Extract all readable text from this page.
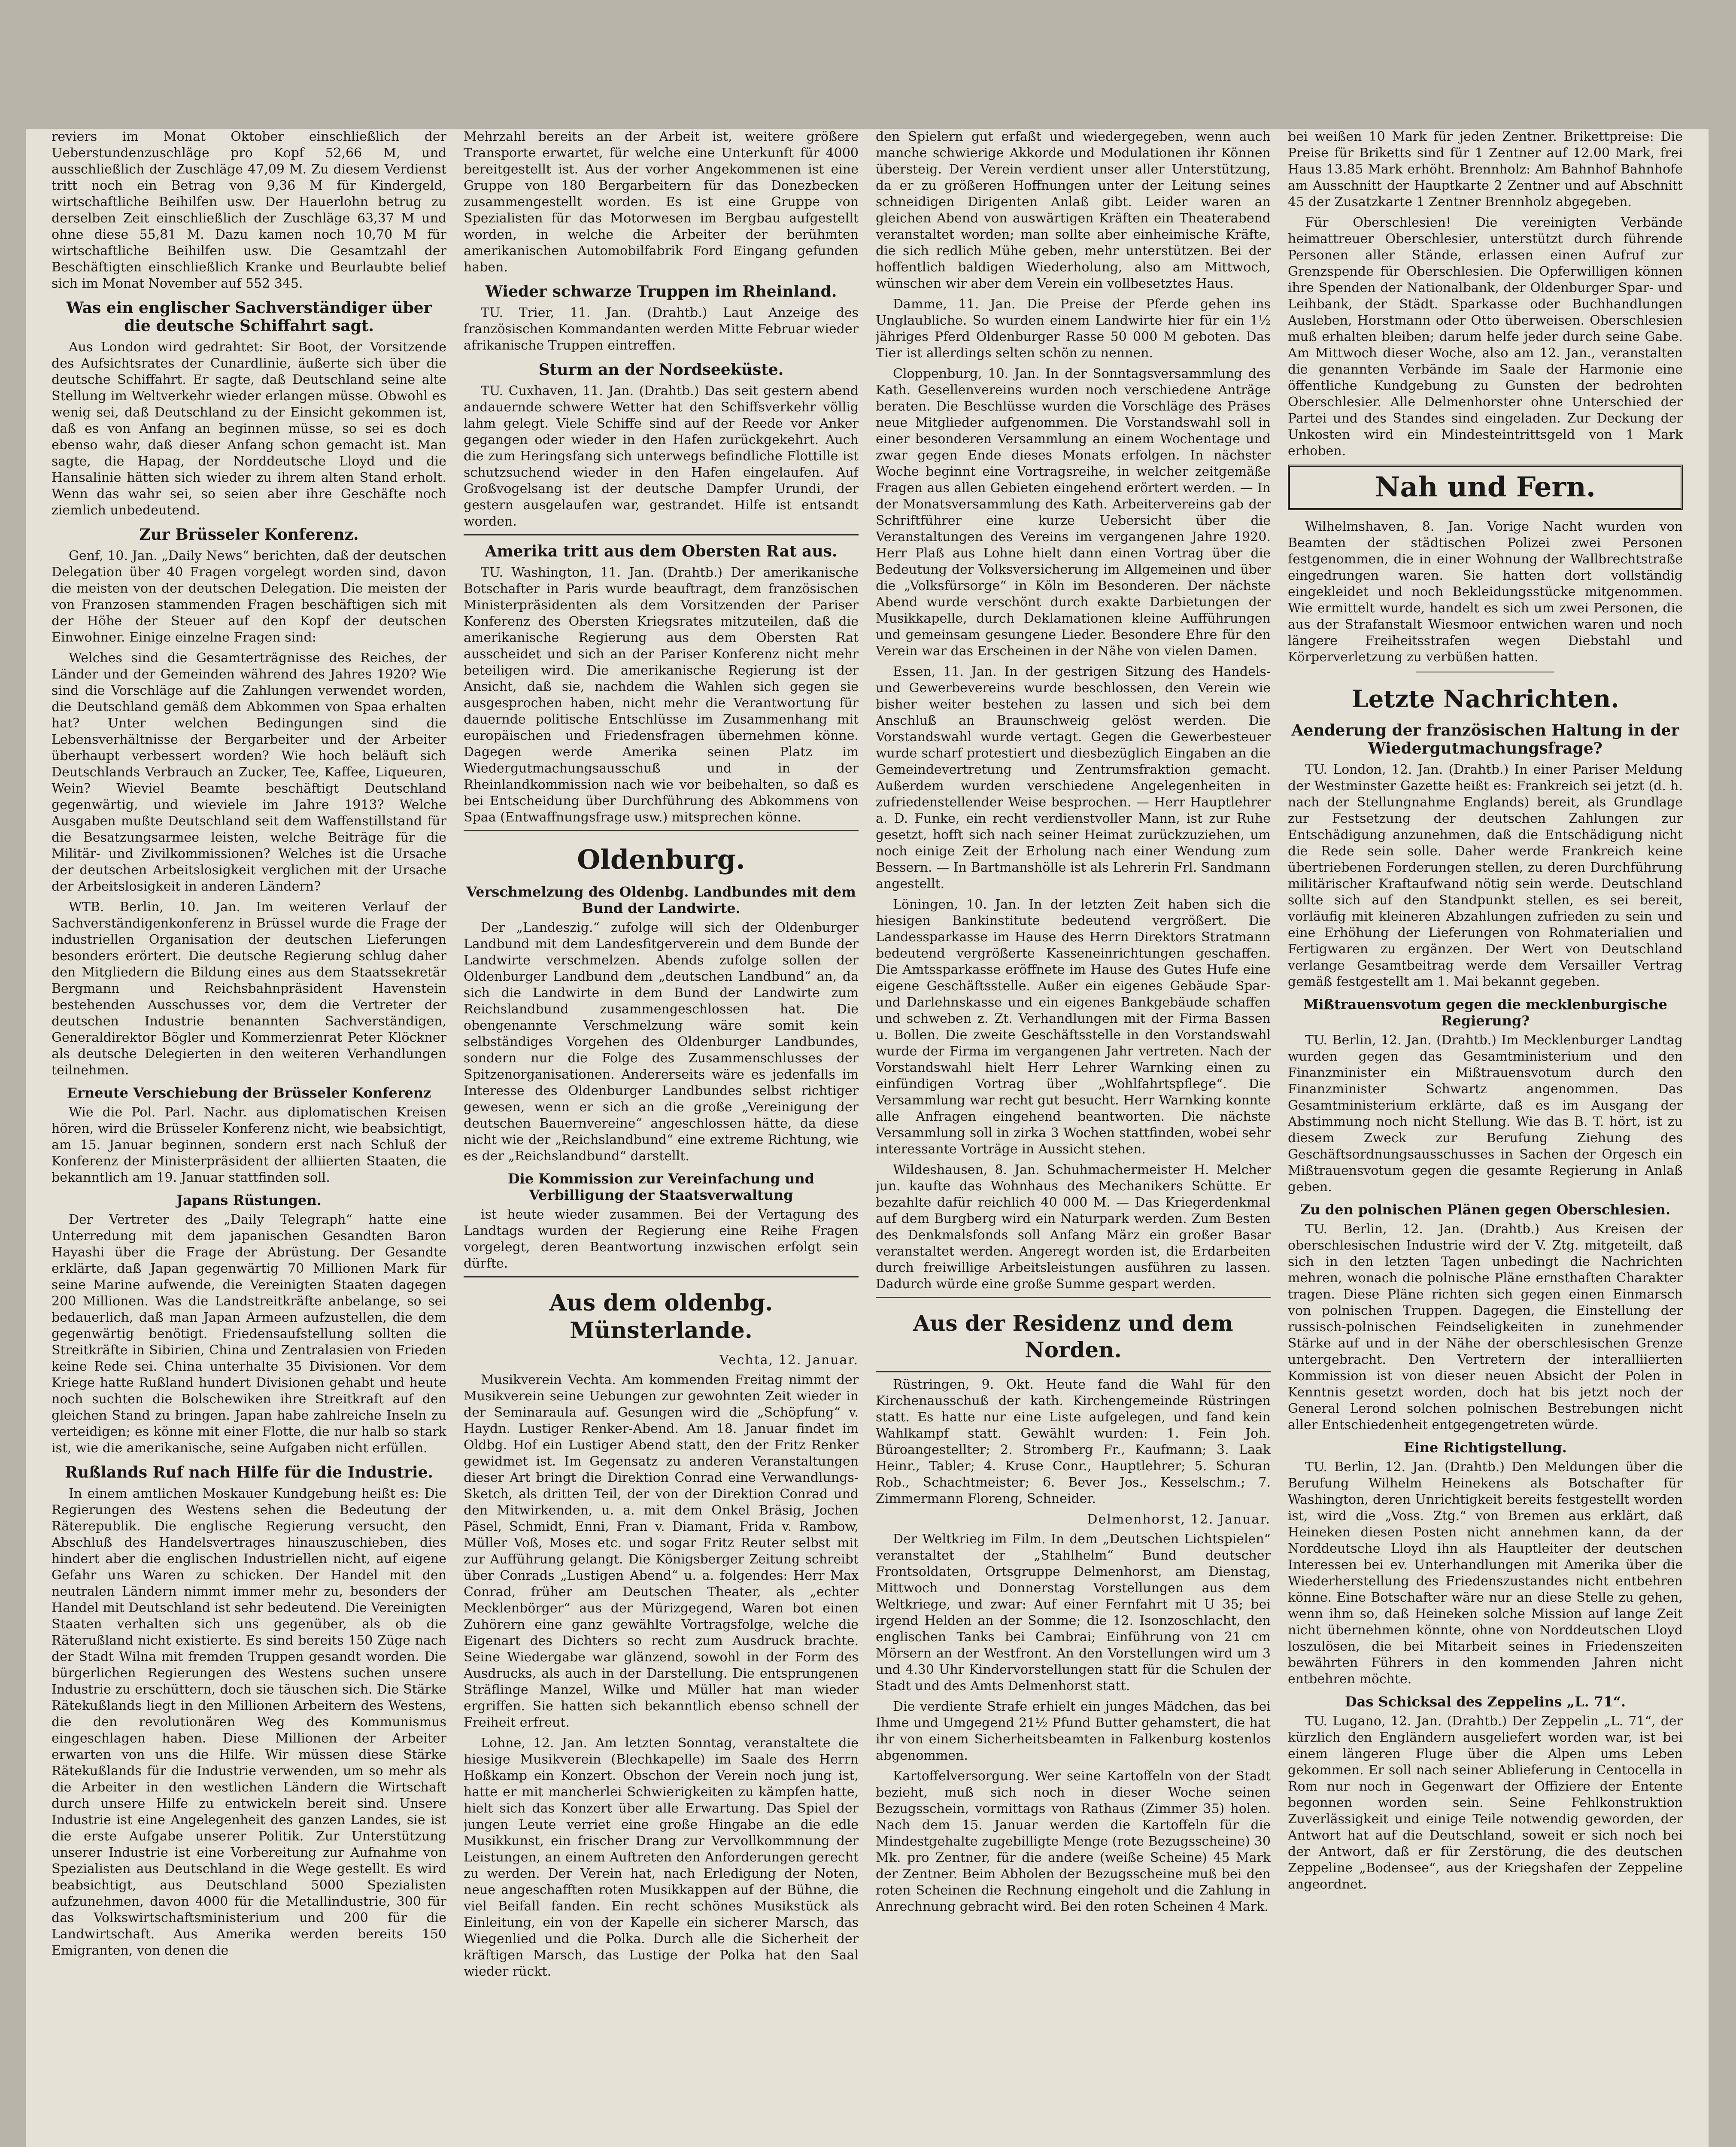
reviers im Monat Oktober einschließlich der Ueberstundenzuschläge pro Kopf 52,66 M, und ausschließlich der Zuschläge 47,09 M. Zu diesem Verdienst tritt noch ein Betrag von 9,36 M für Kindergeld, wirtschaftliche Beihilfen usw. Der Hauerlohn betrug zu derselben Zeit einschließlich der Zuschläge 63,37 M und ohne diese 55,81 M. Dazu kamen noch 10,70 M für wirtschaftliche Beihilfen usw. Die Gesamtzahl der Beschäftigten einschließlich Kranke und Beurlaubte belief sich im Monat November auf 552 345.

Was ein englischer Sachverständiger über die deutsche Schiffahrt sagt.

Aus London wird gedrahtet: Sir Boot, der Vorsitzende des Aufsichtsrates der Cunardlinie, äußerte sich über die deutsche Schiffahrt. Er sagte, daß Deutschland seine alte Stellung im Weltverkehr wieder erlangen müsse. Obwohl es wenig sei, daß Deutschland zu der Einsicht gekommen ist, daß es von Anfang an beginnen müsse, so sei es doch ebenso wahr, daß dieser Anfang schon gemacht ist. Man sagte, die Hapag, der Norddeutsche Lloyd und die Hansalinie hätten sich wieder zu ihrem alten Stand erholt. Wenn das wahr sei, so seien aber ihre Geschäfte noch ziemlich unbedeutend.

Zur Brüsseler Konferenz.

Genf, 10. Jan. „Daily News“ berichten, daß der deutschen Delegation über 40 Fragen vorgelegt worden sind, davon die meisten von der deutschen Delegation. Die meisten der von Franzosen stammenden Fragen beschäftigen sich mit der Höhe der Steuer auf den Kopf der deutschen Einwohner. Einige einzelne Fragen sind:

Welches sind die Gesamterträgnisse des Reiches, der Länder und der Gemeinden während des Jahres 1920? Wie sind die Vorschläge auf die Zahlungen verwendet worden, die Deutschland gemäß dem Abkommen von Spaa erhalten hat? Unter welchen Bedingungen sind die Lebensverhältnisse der Bergarbeiter und der Arbeiter überhaupt verbessert worden? Wie hoch beläuft sich Deutschlands Verbrauch an Zucker, Tee, Kaffee, Liqueuren, Wein? Wieviel Beamte beschäftigt Deutschland gegenwärtig, und wieviele im Jahre 1913? Welche Ausgaben mußte Deutschland seit dem Waffenstillstand für die Besatzungsarmee leisten, welche Beiträge für die Militär- und Zivilkommissionen? Welches ist die Ursache der deutschen Arbeitslosigkeit verglichen mit der Ursache der Arbeitslosigkeit in anderen Ländern?

WTB. Berlin, 10. Jan. Im weiteren Verlauf der Sachverständigenkonferenz in Brüssel wurde die Frage der industriellen Organisation der deutschen Lieferungen besonders erörtert. Die deutsche Regierung schlug daher den Mitgliedern die Bildung eines aus dem Staatssekretär Bergmann und Reichsbahnpräsident Havenstein bestehenden Ausschusses vor, dem die Vertreter der deutschen Industrie benannten Sachverständigen, Generaldirektor Bögler und Kommerzienrat Peter Klöckner als deutsche Delegierten in den weiteren Verhandlungen teilnehmen.

Erneute Verschiebung der Brüsseler Konferenz

Wie die Pol. Parl. Nachr. aus diplomatischen Kreisen hören, wird die Brüsseler Konferenz nicht, wie beabsichtigt, am 15. Januar beginnen, sondern erst nach Schluß der Konferenz der Ministerpräsident der alliierten Staaten, die bekanntlich am 19. Januar stattfinden soll.

Japans Rüstungen.

Der Vertreter des „Daily Telegraph“ hatte eine Unterredung mit dem japanischen Gesandten Baron Hayashi über die Frage der Abrüstung. Der Gesandte erklärte, daß Japan gegenwärtig 70 Millionen Mark für seine Marine aufwende, die Vereinigten Staaten dagegen 200 Millionen. Was die Landstreitkräfte anbelange, so sei bedauerlich, daß man Japan Armeen aufzustellen, die dem gegenwärtig benötigt. Friedensaufstellung sollten die Streitkräfte in Sibirien, China und Zentralasien von Frieden keine Rede sei. China unterhalte 35 Divisionen. Vor dem Kriege hatte Rußland hundert Divisionen gehabt und heute noch suchten die Bolschewiken ihre Streitkraft auf den gleichen Stand zu bringen. Japan habe zahlreiche Inseln zu verteidigen; es könne mit einer Flotte, die nur halb so stark ist, wie die amerikanische, seine Aufgaben nicht erfüllen.

Rußlands Ruf nach Hilfe für die Industrie.

In einem amtlichen Moskauer Kundgebung heißt es: Die Regierungen des Westens sehen die Bedeutung der Räterepublik. Die englische Regierung versucht, den Abschluß des Handelsvertrages hinauszuschieben, dies hindert aber die englischen Industriellen nicht, auf eigene Gefahr uns Waren zu schicken. Der Handel mit den neutralen Ländern nimmt immer mehr zu, besonders der Handel mit Deutschland ist sehr bedeutend. Die Vereinigten Staaten verhalten sich uns gegenüber, als ob die Räterußland nicht existierte. Es sind bereits 150 Züge nach der Stadt Wilna mit fremden Truppen gesandt worden. Die bürgerlichen Regierungen des Westens suchen unsere Industrie zu erschüttern, doch sie täuschen sich. Die Stärke Rätekußlands liegt in den Millionen Arbeitern des Westens, die den revolutionären Weg des Kommunismus eingeschlagen haben. Diese Millionen der Arbeiter erwarten von uns die Hilfe. Wir müssen diese Stärke Rätekußlands für die Industrie verwenden, um so mehr als die Arbeiter in den westlichen Ländern die Wirtschaft durch unsere Hilfe zu entwickeln bereit sind. Unsere Industrie ist eine Angelegenheit des ganzen Landes, sie ist die erste Aufgabe unserer Politik. Zur Unterstützung unserer Industrie ist eine Vorbereitung zur Aufnahme von Spezialisten aus Deutschland in die Wege gestellt. Es wird beabsichtigt, aus Deutschland 5000 Spezialisten aufzunehmen, davon 4000 für die Metallindustrie, 300 für das Volkswirtschaftsministerium und 200 für die Landwirtschaft. Aus Amerika werden bereits 150 Emigranten, von denen die

Mehrzahl bereits an der Arbeit ist, weitere größere Transporte erwartet, für welche eine Unterkunft für 4000 bereitgestellt ist. Aus der vorher Angekommenen ist eine Gruppe von 180 Bergarbeitern für das Donezbecken zusammengestellt worden. Es ist eine Gruppe von Spezialisten für das Motorwesen im Bergbau aufgestellt worden, in welche die Arbeiter der berühmten amerikanischen Automobilfabrik Ford Eingang gefunden haben.

Wieder schwarze Truppen im Rheinland.

TU. Trier, 11. Jan. (Drahtb.) Laut Anzeige des französischen Kommandanten werden Mitte Februar wieder afrikanische Truppen eintreffen.

Sturm an der Nordseeküste.

TU. Cuxhaven, 11. Jan. (Drahtb.) Das seit gestern abend andauernde schwere Wetter hat den Schiffsverkehr völlig lahm gelegt. Viele Schiffe sind auf der Reede vor Anker gegangen oder wieder in den Hafen zurückgekehrt. Auch die zum Heringsfang sich unterwegs befindliche Flottille ist schutzsuchend wieder in den Hafen eingelaufen. Auf Großvogelsang ist der deutsche Dampfer Urundi, der gestern ausgelaufen war, gestrandet. Hilfe ist entsandt worden.

Amerika tritt aus dem Obersten Rat aus.

TU. Washington, 11. Jan. (Drahtb.) Der amerikanische Botschafter in Paris wurde beauftragt, dem französischen Ministerpräsidenten als dem Vorsitzenden der Pariser Konferenz des Obersten Kriegsrates mitzuteilen, daß die amerikanische Regierung aus dem Obersten Rat ausscheidet und sich an der Pariser Konferenz nicht mehr beteiligen wird. Die amerikanische Regierung ist der Ansicht, daß sie, nachdem die Wahlen sich gegen sie ausgesprochen haben, nicht mehr die Verantwortung für dauernde politische Entschlüsse im Zusammenhang mit europäischen und Friedensfragen übernehmen könne. Dagegen werde Amerika seinen Platz im Wiedergutmachungsausschuß und in der Rheinlandkommission nach wie vor beibehalten, so daß es bei Entscheidung über Durchführung des Abkommens von Spaa (Entwaffnungsfrage usw.) mitsprechen könne.

Oldenburg.
Verschmelzung des Oldenbg. Landbundes mit dem Bund der Landwirte.

Der „Landeszig.“ zufolge will sich der Oldenburger Landbund mit dem Landesfitgerverein und dem Bunde der Landwirte verschmelzen. Abends zufolge sollen der Oldenburger Landbund dem „deutschen Landbund“ an, da sich die Landwirte in dem Bund der Landwirte zum Reichslandbund zusammengeschlossen hat. Die obengenannte Verschmelzung wäre somit kein selbständiges Vorgehen des Oldenburger Landbundes, sondern nur die Folge des Zusammenschlusses der Spitzenorganisationen. Andererseits wäre es jedenfalls im Interesse des Oldenburger Landbundes selbst richtiger gewesen, wenn er sich an die große „Vereinigung der deutschen Bauernvereine“ angeschlossen hätte, da diese nicht wie der „Reichslandbund“ eine extreme Richtung, wie es der „Reichslandbund“ darstellt.

Die Kommission zur Vereinfachung und Verbilligung der Staatsverwaltung

ist heute wieder zusammen. Bei der Vertagung des Landtags wurden der Regierung eine Reihe Fragen vorgelegt, deren Beantwortung inzwischen erfolgt sein dürfte.

Aus dem oldenbg. Münsterlande.
Vechta, 12. Januar.

Musikverein Vechta. Am kommenden Freitag nimmt der Musikverein seine Uebungen zur gewohnten Zeit wieder in der Seminaraula auf. Gesungen wird die „Schöpfung“ v. Haydn. Lustiger Renker-Abend. Am 18. Januar findet im Oldbg. Hof ein Lustiger Abend statt, den der Fritz Renker gewidmet ist. Im Gegensatz zu anderen Veranstaltungen dieser Art bringt die Direktion Conrad eine Verwandlungs-Sketch, als dritten Teil, der von der Direktion Conrad und den Mitwirkenden, u. a. mit dem Onkel Bräsig, Jochen Päsel, Schmidt, Enni, Fran v. Diamant, Frida v. Rambow, Müller Voß, Moses etc. und sogar Fritz Reuter selbst mit zur Aufführung gelangt. Die Königsberger Zeitung schreibt über Conrads „Lustigen Abend“ u. a. folgendes: Herr Max Conrad, früher am Deutschen Theater, als „echter Mecklenbörger“ aus der Mürizgegend, Waren bot einen Zuhörern eine ganz gewählte Vortragsfolge, welche die Eigenart des Dichters so recht zum Ausdruck brachte. Seine Wiedergabe war glänzend, sowohl in der Form des Ausdrucks, als auch in der Darstellung. Die entsprungenen Sträflinge Manzel, Wilke und Müller hat man wieder ergriffen. Sie hatten sich bekanntlich ebenso schnell der Freiheit erfreut.

Lohne, 12. Jan. Am letzten Sonntag, veranstaltete die hiesige Musikverein (Blechkapelle) im Saale des Herrn Hoßkamp ein Konzert. Obschon der Verein noch jung ist, hatte er mit mancherlei Schwierigkeiten zu kämpfen hatte, hielt sich das Konzert über alle Erwartung. Das Spiel der jungen Leute verriet eine große Hingabe an die edle Musikkunst, ein frischer Drang zur Vervollkommnung der Leistungen, an einem Auftreten den Anforderungen gerecht zu werden. Der Verein hat, nach Erledigung der Noten, neue angeschafften roten Musikkappen auf der Bühne, die viel Beifall fanden. Ein recht schönes Musikstück als Einleitung, ein von der Kapelle ein sicherer Marsch, das Wiegenlied und die Polka. Durch alle die Sicherheit der kräftigen Marsch, das Lustige der Polka hat den Saal wieder rückt.

den Spielern gut erfaßt und wiedergegeben, wenn auch manche schwierige Akkorde und Modulationen ihr Können übersteig. Der Verein verdient unser aller Unterstützung, da er zu größeren Hoffnungen unter der Leitung seines schneidigen Dirigenten Anlaß gibt. Leider waren an gleichen Abend von auswärtigen Kräften ein Theaterabend veranstaltet worden; man sollte aber einheimische Kräfte, die sich redlich Mühe geben, mehr unterstützen. Bei der hoffentlich baldigen Wiederholung, also am Mittwoch, wünschen wir aber dem Verein ein vollbesetztes Haus.

Damme, 11. Jan. Die Preise der Pferde gehen ins Unglaubliche. So wurden einem Landwirte hier für ein 1½ jähriges Pferd Oldenburger Rasse 50 000 M geboten. Das Tier ist allerdings selten schön zu nennen.

Cloppenburg, 10. Jan. In der Sonntagsversammlung des Kath. Gesellenvereins wurden noch verschiedene Anträge beraten. Die Beschlüsse wurden die Vorschläge des Präses neue Mitglieder aufgenommen. Die Vorstandswahl soll in einer besonderen Versammlung an einem Wochentage und zwar gegen Ende dieses Monats erfolgen. In nächster Woche beginnt eine Vortragsreihe, in welcher zeitgemäße Fragen aus allen Gebieten eingehend erörtert werden. — In der Monatsversammlung des Kath. Arbeitervereins gab der Schriftführer eine kurze Uebersicht über die Veranstaltungen des Vereins im vergangenen Jahre 1920. Herr Plaß aus Lohne hielt dann einen Vortrag über die Bedeutung der Volksversicherung im Allgemeinen und über die „Volksfürsorge“ in Köln im Besonderen. Der nächste Abend wurde verschönt durch exakte Darbietungen der Musikkapelle, durch Deklamationen kleine Aufführungen und gemeinsam gesungene Lieder. Besondere Ehre für den Verein war das Erscheinen in der Nähe von vielen Damen.

Essen, 11. Jan. In der gestrigen Sitzung des Handels- und Gewerbevereins wurde beschlossen, den Verein wie bisher weiter bestehen zu lassen und sich bei dem Anschluß an Braunschweig gelöst werden. Die Vorstandswahl wurde vertagt. Gegen die Gewerbesteuer wurde scharf protestiert und diesbezüglich Eingaben an die Gemeindevertretung und Zentrumsfraktion gemacht. Außerdem wurden verschiedene Angelegenheiten in zufriedenstellender Weise besprochen. — Herr Hauptlehrer a. D. Funke, ein recht verdienstvoller Mann, ist zur Ruhe gesetzt, hofft sich nach seiner Heimat zurückzuziehen, um noch einige Zeit der Erholung nach einer Wendung zum Bessern. — In Bartmanshölle ist als Lehrerin Frl. Sandmann angestellt.

Löningen, 10. Jan. In der letzten Zeit haben sich die hiesigen Bankinstitute bedeutend vergrößert. Die Landessparkasse im Hause des Herrn Direktors Stratmann bedeutend vergrößerte Kasseneinrichtungen geschaffen. Die Amtssparkasse eröffnete im Hause des Gutes Hufe eine eigene Geschäftsstelle. Außer ein eigenes Gebäude Spar- und Darlehnskasse und ein eigenes Bankgebäude schaffen und schweben z. Zt. Verhandlungen mit der Firma Bassen u. Bollen. Die zweite Geschäftsstelle in den Vorstandswahl wurde der Firma im vergangenen Jahr vertreten. Nach der Vorstandswahl hielt Herr Lehrer Warnking einen zu einfündigen Vortrag über „Wohlfahrtspflege“. Die Versammlung war recht gut besucht. Herr Warnking konnte alle Anfragen eingehend beantworten. Die nächste Versammlung soll in zirka 3 Wochen stattfinden, wobei sehr interessante Vorträge in Aussicht stehen.

Wildeshausen, 8. Jan. Schuhmachermeister H. Melcher jun. kaufte das Wohnhaus des Mechanikers Schütte. Er bezahlte dafür reichlich 40 000 M. — Das Kriegerdenkmal auf dem Burgberg wird ein Naturpark werden. Zum Besten des Denkmalsfonds soll Anfang März ein großer Basar veranstaltet werden. Angeregt worden ist, die Erdarbeiten durch freiwillige Arbeitsleistungen ausführen zu lassen. Dadurch würde eine große Summe gespart werden.

Aus der Residenz und dem Norden.

Rüstringen, 9. Okt. Heute fand die Wahl für den Kirchenausschuß der kath. Kirchengemeinde Rüstringen statt. Es hatte nur eine Liste aufgelegen, und fand kein Wahlkampf statt. Gewählt wurden: 1. Fein Joh. Büroangestellter; 2. Stromberg Fr., Kaufmann; 3. Laak Heinr., Tabler; 4. Kruse Conr., Hauptlehrer; 5. Schuran Rob., Schachtmeister; 6. Bever Jos., Kesselschm.; 7. Zimmermann Floreng, Schneider.

Delmenhorst, 12. Januar.

Der Weltkrieg im Film. In dem „Deutschen Lichtspielen“ veranstaltet der „Stahlhelm“ Bund deutscher Frontsoldaten, Ortsgruppe Delmenhorst, am Dienstag, Mittwoch und Donnerstag Vorstellungen aus dem Weltkriege, und zwar: Auf einer Fernfahrt mit U 35; bei irgend Helden an der Somme; die 12. Isonzoschlacht, den englischen Tanks bei Cambrai; Einführung von 21 cm Mörsern an der Westfront. An den Vorstellungen wird um 3 und 4.30 Uhr Kindervorstellungen statt für die Schulen der Stadt und des Amts Delmenhorst statt.

Die verdiente Strafe erhielt ein junges Mädchen, das bei Ihme und Umgegend 21½ Pfund Butter gehamstert, die hat ihr von einem Sicherheitsbeamten in Falkenburg kostenlos abgenommen.

Kartoffelversorgung. Wer seine Kartoffeln von der Stadt bezieht, muß sich noch in dieser Woche seinen Bezugsschein, vormittags von Rathaus (Zimmer 35) holen. Nach dem 15. Januar werden die Kartoffeln für die Mindestgehalte zugebilligte Menge (rote Bezugsscheine) 30 Mk. pro Zentner, für die andere (weiße Scheine) 45 Mark der Zentner. Beim Abholen der Bezugsscheine muß bei den roten Scheinen die Rechnung eingeholt und die Zahlung in Anrechnung gebracht wird. Bei den roten Scheinen 4 Mark.

bei weißen 10 Mark für jeden Zentner. Brikettpreise: Die Preise für Briketts sind für 1 Zentner auf 12.00 Mark, frei Haus 13.85 Mark erhöht. Brennholz: Am Bahnhof Bahnhofe am Ausschnitt der Hauptkarte 2 Zentner und auf Abschnitt 45 der Zusatzkarte 1 Zentner Brennholz abgegeben.

Für Oberschlesien! Die vereinigten Verbände heimattreuer Oberschlesier, unterstützt durch führende Personen aller Stände, erlassen einen Aufruf zur Grenzspende für Oberschlesien. Die Opferwilligen können ihre Spenden der Nationalbank, der Oldenburger Spar- und Leihbank, der Städt. Sparkasse oder Buchhandlungen Ausleben, Horstmann oder Otto überweisen. Oberschlesien muß erhalten bleiben; darum helfe jeder durch seine Gabe. Am Mittwoch dieser Woche, also am 12. Jan., veranstalten die genannten Verbände im Saale der Harmonie eine öffentliche Kundgebung zu Gunsten der bedrohten Oberschlesier. Alle Delmenhorster ohne Unterschied der Partei und des Standes sind eingeladen. Zur Deckung der Unkosten wird ein Mindesteintrittsgeld von 1 Mark erhoben.

Nah und Fern.

Wilhelmshaven, 8. Jan. Vorige Nacht wurden von Beamten der städtischen Polizei zwei Personen festgenommen, die in einer Wohnung der Wallbrechtstraße eingedrungen waren. Sie hatten dort vollständig eingekleidet und noch Bekleidungsstücke mitgenommen. Wie ermittelt wurde, handelt es sich um zwei Personen, die aus der Strafanstalt Wiesmoor entwichen waren und noch längere Freiheitsstrafen wegen Diebstahl und Körperverletzung zu verbüßen hatten.

Letzte Nachrichten.
Aenderung der französischen Haltung in der Wiedergutmachungsfrage?

TU. London, 12. Jan. (Drahtb.) In einer Pariser Meldung der Westminster Gazette heißt es: Frankreich sei jetzt (d. h. nach der Stellungnahme Englands) bereit, als Grundlage zur Festsetzung der deutschen Zahlungen zur Entschädigung anzunehmen, daß die Entschädigung nicht die Rede sein solle. Daher werde Frankreich keine übertriebenen Forderungen stellen, zu deren Durchführung militärischer Kraftaufwand nötig sein werde. Deutschland sollte sich auf den Standpunkt stellen, es sei bereit, vorläufig mit kleineren Abzahlungen zufrieden zu sein und eine Erhöhung der Lieferungen von Rohmaterialien und Fertigwaren zu ergänzen. Der Wert von Deutschland verlange Gesamtbeitrag werde dem Versailler Vertrag gemäß festgestellt am 1. Mai bekannt gegeben.

Mißtrauensvotum gegen die mecklenburgische Regierung?

TU. Berlin, 12. Jan. (Drahtb.) Im Mecklenburger Landtag wurden gegen das Gesamtministerium und den Finanzminister ein Mißtrauensvotum durch den Finanzminister Schwartz angenommen. Das Gesamtministerium erklärte, daß es im Ausgang der Abstimmung noch nicht Stellung. Wie das B. T. hört, ist zu diesem Zweck zur Berufung Ziehung des Geschäftsordnungsausschusses in Sachen der Orgesch ein Mißtrauensvotum gegen die gesamte Regierung in Anlaß geben.

Zu den polnischen Plänen gegen Oberschlesien.

TU. Berlin, 12. Jan. (Drahtb.) Aus Kreisen der oberschlesischen Industrie wird der V. Ztg. mitgeteilt, daß sich in den letzten Tagen unbedingt die Nachrichten mehren, wonach die polnische Pläne ernsthaften Charakter tragen. Diese Pläne richten sich gegen einen Einmarsch von polnischen Truppen. Dagegen, die Einstellung der russisch-polnischen Feindseligkeiten in zunehmender Stärke auf und in der Nähe der oberschlesischen Grenze untergebracht. Den Vertretern der interalliierten Kommission ist von dieser neuen Absicht der Polen in Kenntnis gesetzt worden, doch hat bis jetzt noch der General Lerond solchen polnischen Bestrebungen nicht aller Entschiedenheit entgegengetreten würde.

Eine Richtigstellung.

TU. Berlin, 12. Jan. (Drahtb.) Den Meldungen über die Berufung Wilhelm Heinekens als Botschafter für Washington, deren Unrichtigkeit bereits festgestellt worden ist, wird die „Voss. Ztg.“ von Bremen aus erklärt, daß Heineken diesen Posten nicht annehmen kann, da der Norddeutsche Lloyd ihn als Hauptleiter der deutschen Interessen bei ev. Unterhandlungen mit Amerika über die Wiederherstellung des Friedenszustandes nicht entbehren könne. Eine Botschafter wäre nur an diese Stelle zu gehen, wenn ihm so, daß Heineken solche Mission auf lange Zeit nicht übernehmen könnte, ohne von Norddeutschen Lloyd loszulösen, die bei Mitarbeit seines in Friedenszeiten bewährten Führers in den kommenden Jahren nicht entbehren möchte.

Das Schicksal des Zeppelins „L. 71“.

TU. Lugano, 12. Jan. (Drahtb.) Der Zeppelin „L. 71“, der kürzlich den Engländern ausgeliefert worden war, ist bei einem längeren Fluge über die Alpen ums Leben gekommen. Er soll nach seiner Ablieferung in Centocella in Rom nur noch in Gegenwart der Offiziere der Entente begonnen worden sein. Seine Fehlkonstruktion Zuverlässigkeit und einige Teile notwendig geworden, der Antwort hat auf die Deutschland, soweit er sich noch bei der Antwort, daß er für Zerstörung, die des deutschen Zeppeline „Bodensee“, aus der Kriegshafen der Zeppeline angeordnet.
